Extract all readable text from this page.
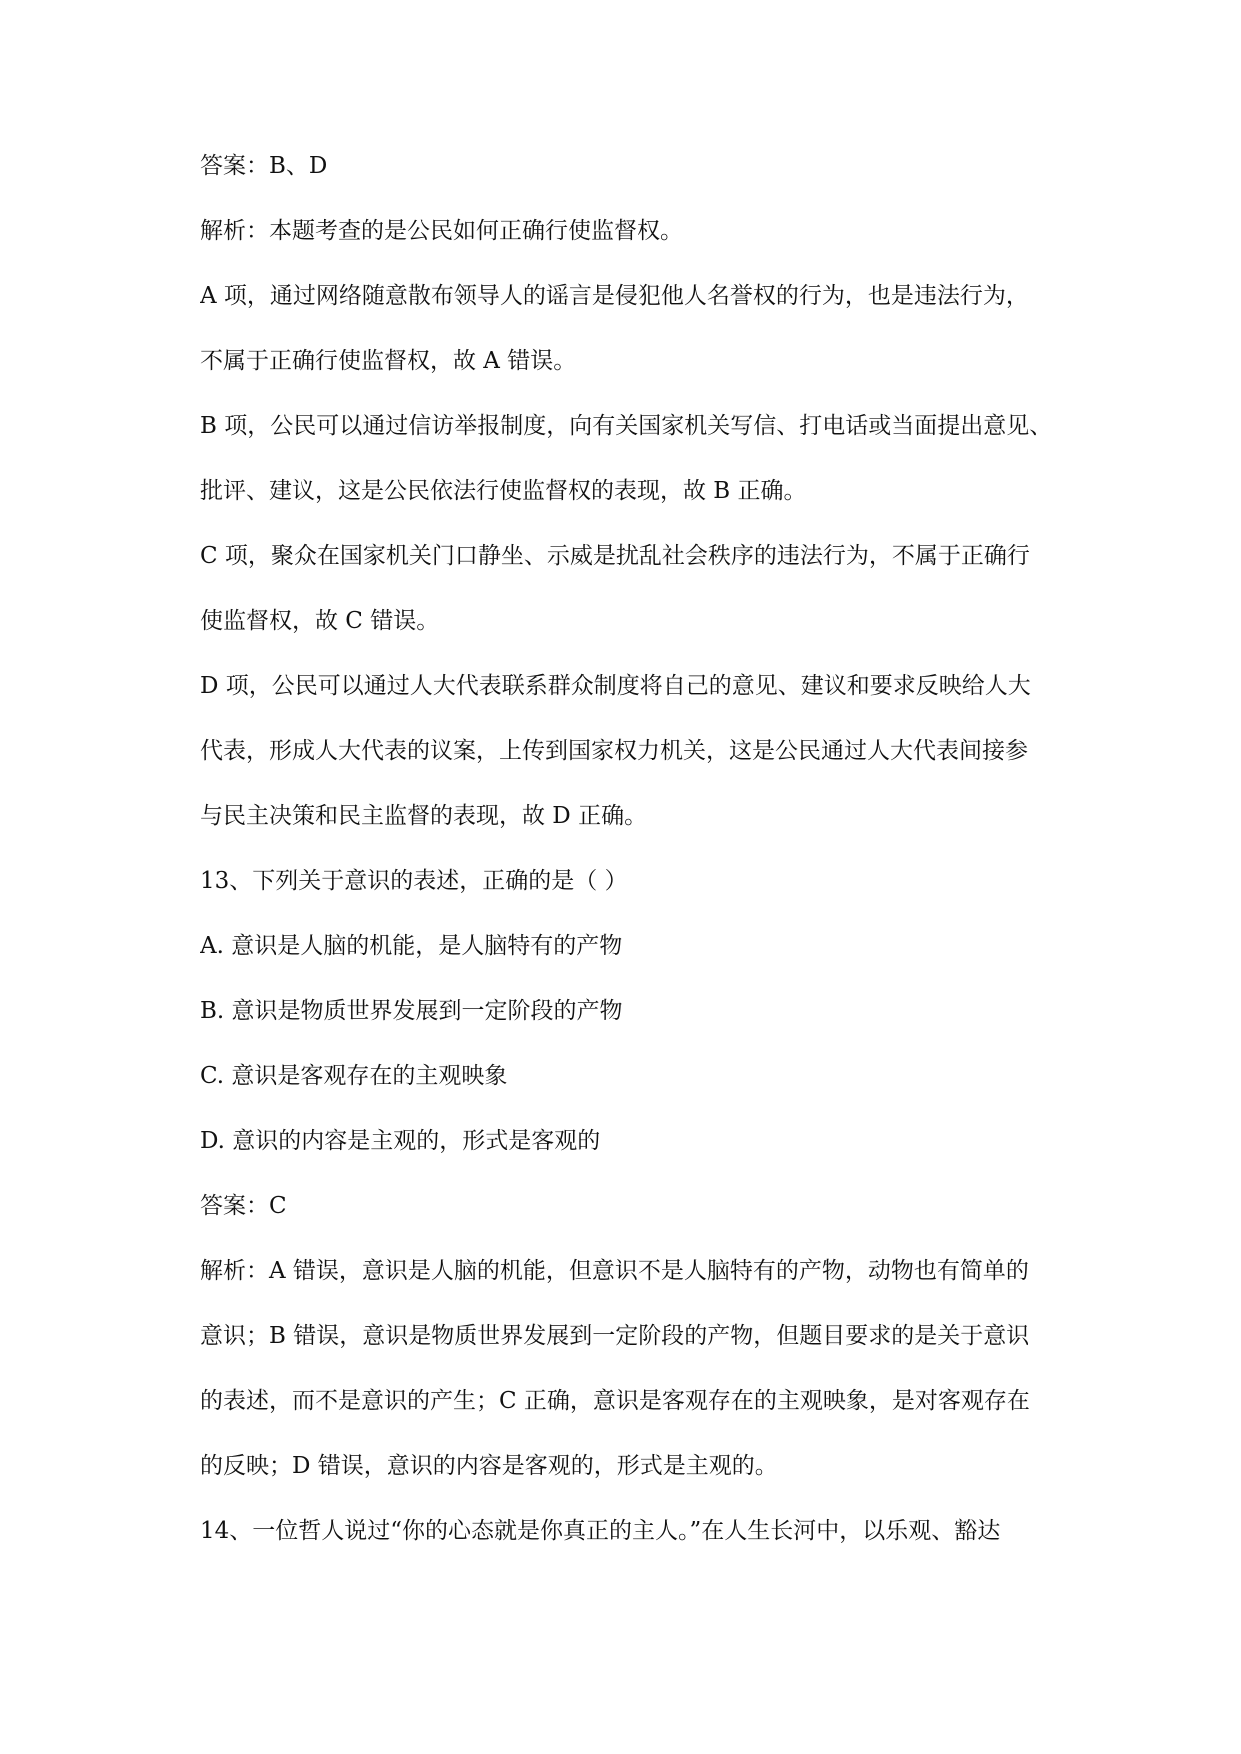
答案：B、D
解析：本题考查的是公民如何正确行使监督权。
A 项，通过网络随意散布领导人的谣言是侵犯他人名誉权的行为，也是违法行为，
不属于正确行使监督权，故 A 错误。
B 项，公民可以通过信访举报制度，向有关国家机关写信、打电话或当面提出意见、
批评、建议，这是公民依法行使监督权的表现，故 B 正确。
C 项，聚众在国家机关门口静坐、示威是扰乱社会秩序的违法行为，不属于正确行
使监督权，故 C 错误。
D 项，公民可以通过人大代表联系群众制度将自己的意见、建议和要求反映给人大
代表，形成人大代表的议案，上传到国家权力机关，这是公民通过人大代表间接参
与民主决策和民主监督的表现，故 D 正确。
13、下列关于意识的表述，正确的是（ ）
A. 意识是人脑的机能，是人脑特有的产物
B. 意识是物质世界发展到一定阶段的产物
C. 意识是客观存在的主观映象
D. 意识的内容是主观的，形式是客观的
答案：C
解析：A 错误，意识是人脑的机能，但意识不是人脑特有的产物，动物也有简单的
意识；B 错误，意识是物质世界发展到一定阶段的产物，但题目要求的是关于意识
的表述，而不是意识的产生；C 正确，意识是客观存在的主观映象，是对客观存在
的反映；D 错误，意识的内容是客观的，形式是主观的。
14、一位哲人说过“你的心态就是你真正的主人。”在人生长河中，以乐观、豁达
